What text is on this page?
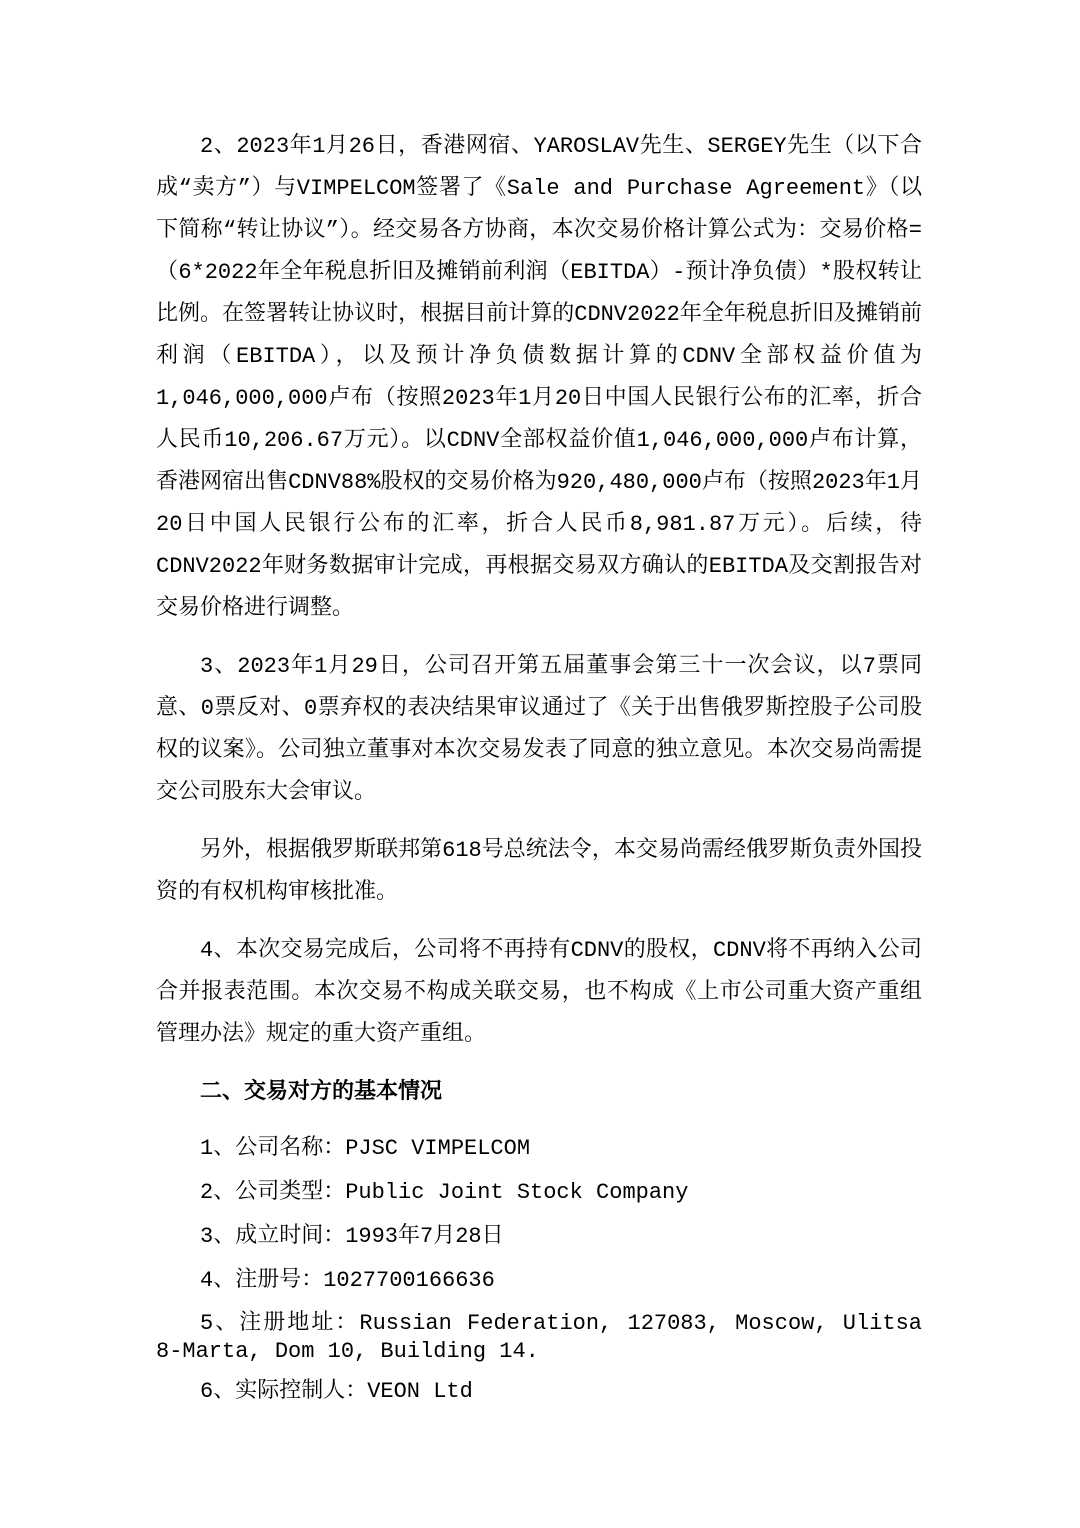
2、2023年1月26日，香港网宿、YAROSLAV先生、SERGEY先生（以下合成“卖方”）与VIMPELCOM签署了《Sale and Purchase Agreement》（以下简称“转让协议”）。经交易各方协商，本次交易价格计算公式为：交易价格=（6*2022年全年税息折旧及摊销前利润（EBITDA）-预计净负债）*股权转让比例。在签署转让协议时，根据目前计算的CDNV2022年全年税息折旧及摊销前利润（EBITDA），以及预计净负债数据计算的CDNV全部权益价值为1,046,000,000卢布（按照2023年1月20日中国人民银行公布的汇率，折合人民币10,206.67万元）。以CDNV全部权益价值1,046,000,000卢布计算，香港网宿出售CDNV88%股权的交易价格为920,480,000卢布（按照2023年1月20日中国人民银行公布的汇率，折合人民币8,981.87万元）。后续，待CDNV2022年财务数据审计完成，再根据交易双方确认的EBITDA及交割报告对交易价格进行调整。

3、2023年1月29日，公司召开第五届董事会第三十一次会议，以7票同意、0票反对、0票弃权的表决结果审议通过了《关于出售俄罗斯控股子公司股权的议案》。公司独立董事对本次交易发表了同意的独立意见。本次交易尚需提交公司股东大会审议。

另外，根据俄罗斯联邦第618号总统法令，本交易尚需经俄罗斯负责外国投资的有权机构审核批准。

4、本次交易完成后，公司将不再持有CDNV的股权，CDNV将不再纳入公司合并报表范围。本次交易不构成关联交易，也不构成《上市公司重大资产重组管理办法》规定的重大资产重组。

二、交易对方的基本情况

1、公司名称：PJSC VIMPELCOM

2、公司类型：Public Joint Stock Company

3、成立时间：1993年7月28日

4、注册号：1027700166636

5、注册地址：Russian Federation, 127083, Moscow, Ulitsa 8-Marta, Dom 10, Building 14.

6、实际控制人：VEON Ltd
